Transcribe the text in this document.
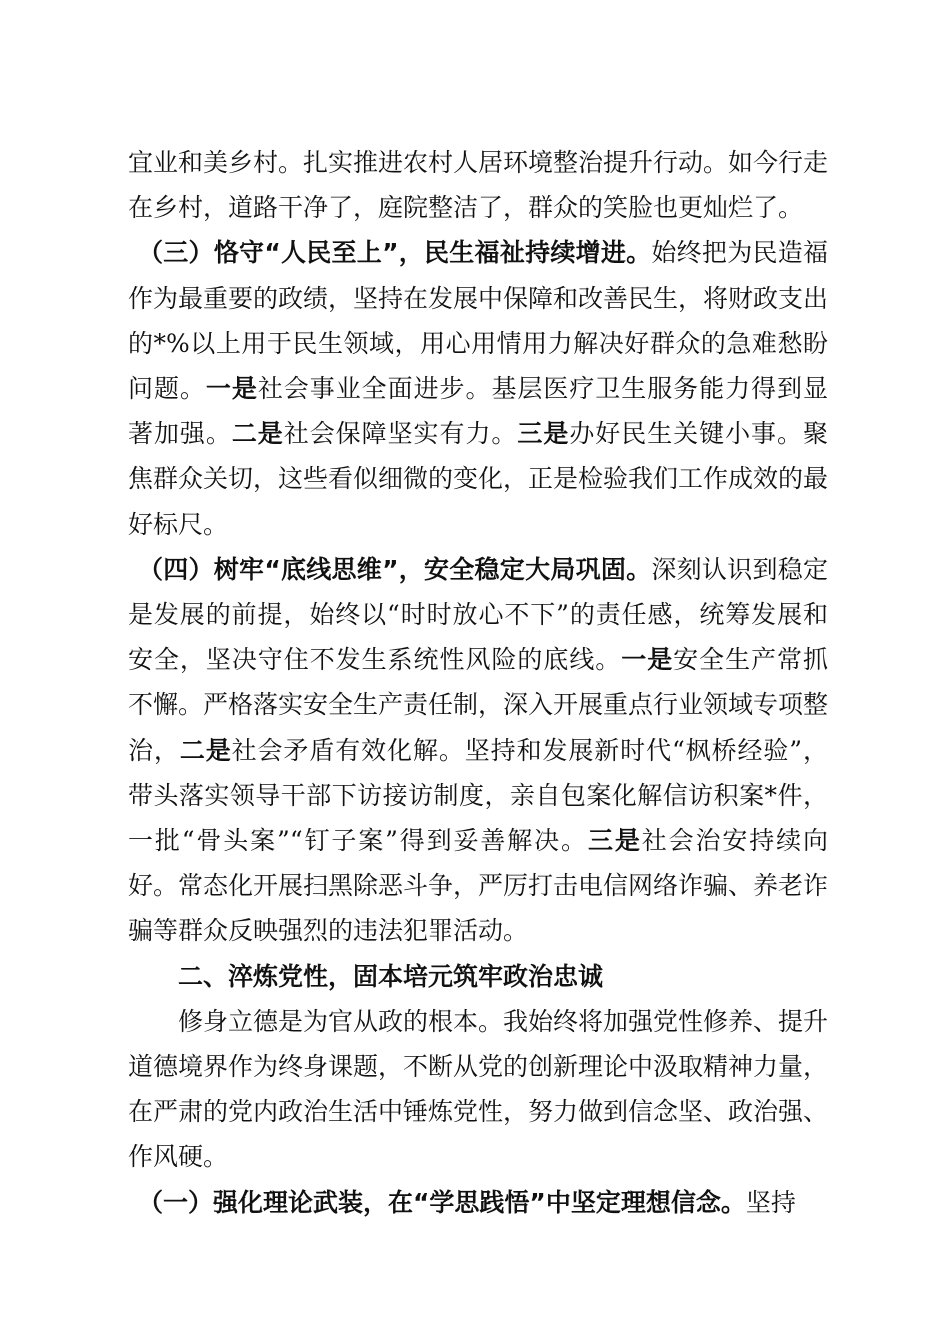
宜业和美乡村。扎实推进农村人居环境整治提升行动。如今行走在乡村，道路干净了，庭院整洁了，群众的笑脸也更灿烂了。

（三）恪守“人民至上”，民生福祉持续增进。始终把为民造福作为最重要的政绩，坚持在发展中保障和改善民生，将财政支出的*%以上用于民生领域，用心用情用力解决好群众的急难愁盼问题。一是社会事业全面进步。基层医疗卫生服务能力得到显著加强。二是社会保障坚实有力。三是办好民生关键小事。聚焦群众关切，这些看似细微的变化，正是检验我们工作成效的最好标尺。

（四）树牢“底线思维”，安全稳定大局巩固。深刻认识到稳定是发展的前提，始终以“时时放心不下”的责任感，统筹发展和安全，坚决守住不发生系统性风险的底线。一是安全生产常抓不懈。严格落实安全生产责任制，深入开展重点行业领域专项整治，二是社会矛盾有效化解。坚持和发展新时代“枫桥经验”，带头落实领导干部下访接访制度，亲自包案化解信访积案*件，一批“骨头案”“钉子案”得到妥善解决。三是社会治安持续向好。常态化开展扫黑除恶斗争，严厉打击电信网络诈骗、养老诈骗等群众反映强烈的违法犯罪活动。

二、淬炼党性，固本培元筑牢政治忠诚

修身立德是为官从政的根本。我始终将加强党性修养、提升道德境界作为终身课题，不断从党的创新理论中汲取精神力量，在严肃的党内政治生活中锤炼党性，努力做到信念坚、政治强、作风硬。

（一）强化理论武装，在“学思践悟”中坚定理想信念。坚持
